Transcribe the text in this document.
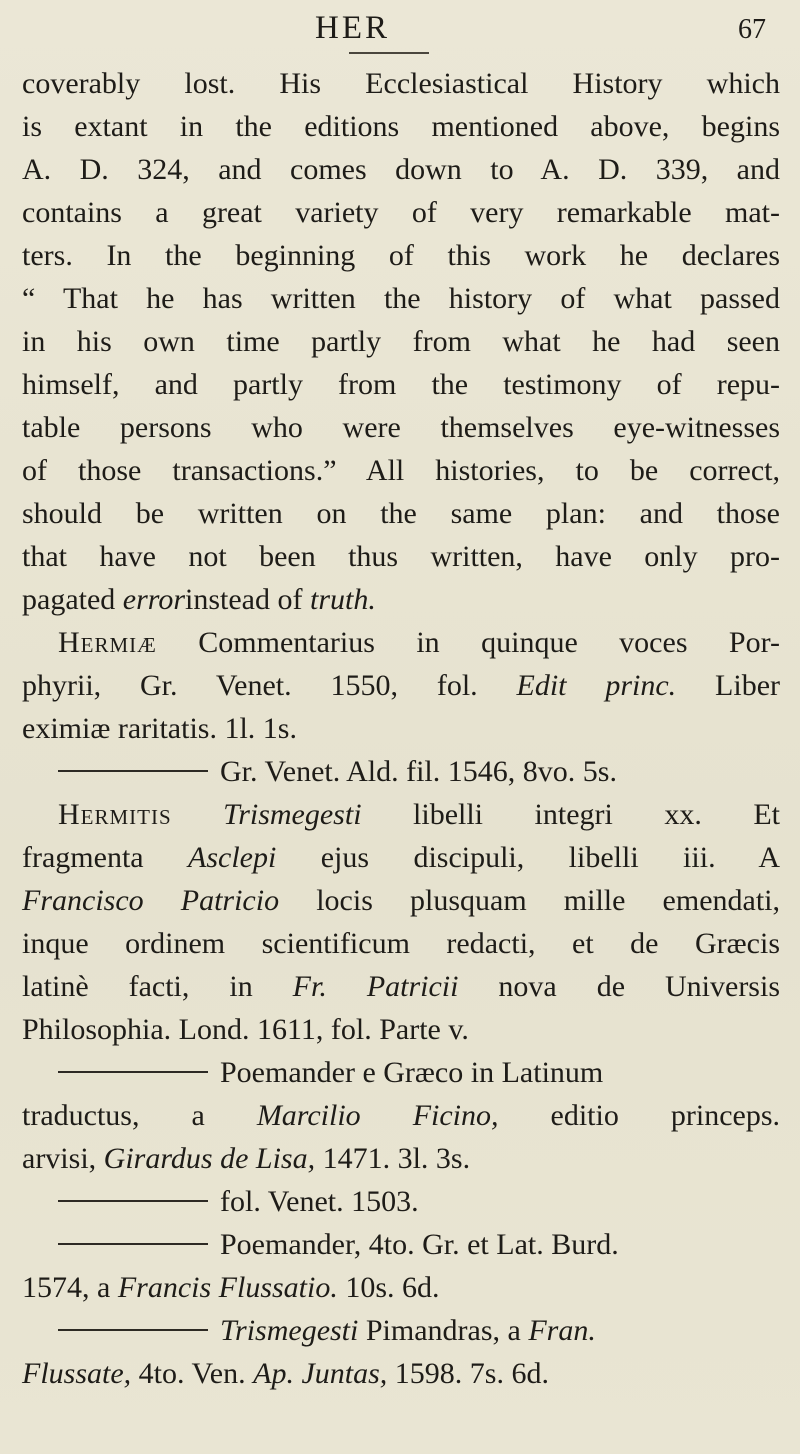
HER	67
coverably lost. His Ecclesiastical History which
is extant in the editions mentioned above, begins
A. D. 324, and comes down to A. D. 339, and
contains a great variety of very remarkable mat-
ters. In the beginning of this work he declares
“ That he has written the history of what passed
in his own time partly from what he had seen
himself, and partly from the testimony of repu-
table persons who were themselves eye-witnesses
of those transactions.” All histories, to be correct,
should be written on the same plan: and those
that have not been thus written, have only pro-
pagated errorinstead of truth.
Hermiæ Commentarius in quinque voces Por-
phyrii, Gr. Venet. 1550, fol. Edit princ. Liber
eximiæ raritatis. 1l. 1s.
Gr. Venet. Ald. fil. 1546, 8vo. 5s.
Hermitis Trismegesti libelli integri xx. Et
fragmenta Asclepi ejus discipuli, libelli iii. A
Francisco Patricio locis plusquam mille emendati,
inque ordinem scientificum redacti, et de Græcis
latinè facti, in Fr. Patricii nova de Universis
Philosophia. Lond. 1611, fol. Parte v.
Poemander e Græco in Latinum
traductus, a Marcilio Ficino, editio princeps.
arvisi, Girardus de Lisa, 1471. 3l. 3s.
fol. Venet. 1503.
Poemander, 4to. Gr. et Lat. Burd.
1574, a Francis Flussatio. 10s. 6d.
Trismegesti Pimandras, a Fran.
Flussate, 4to. Ven. Ap. Juntas, 1598. 7s. 6d.
